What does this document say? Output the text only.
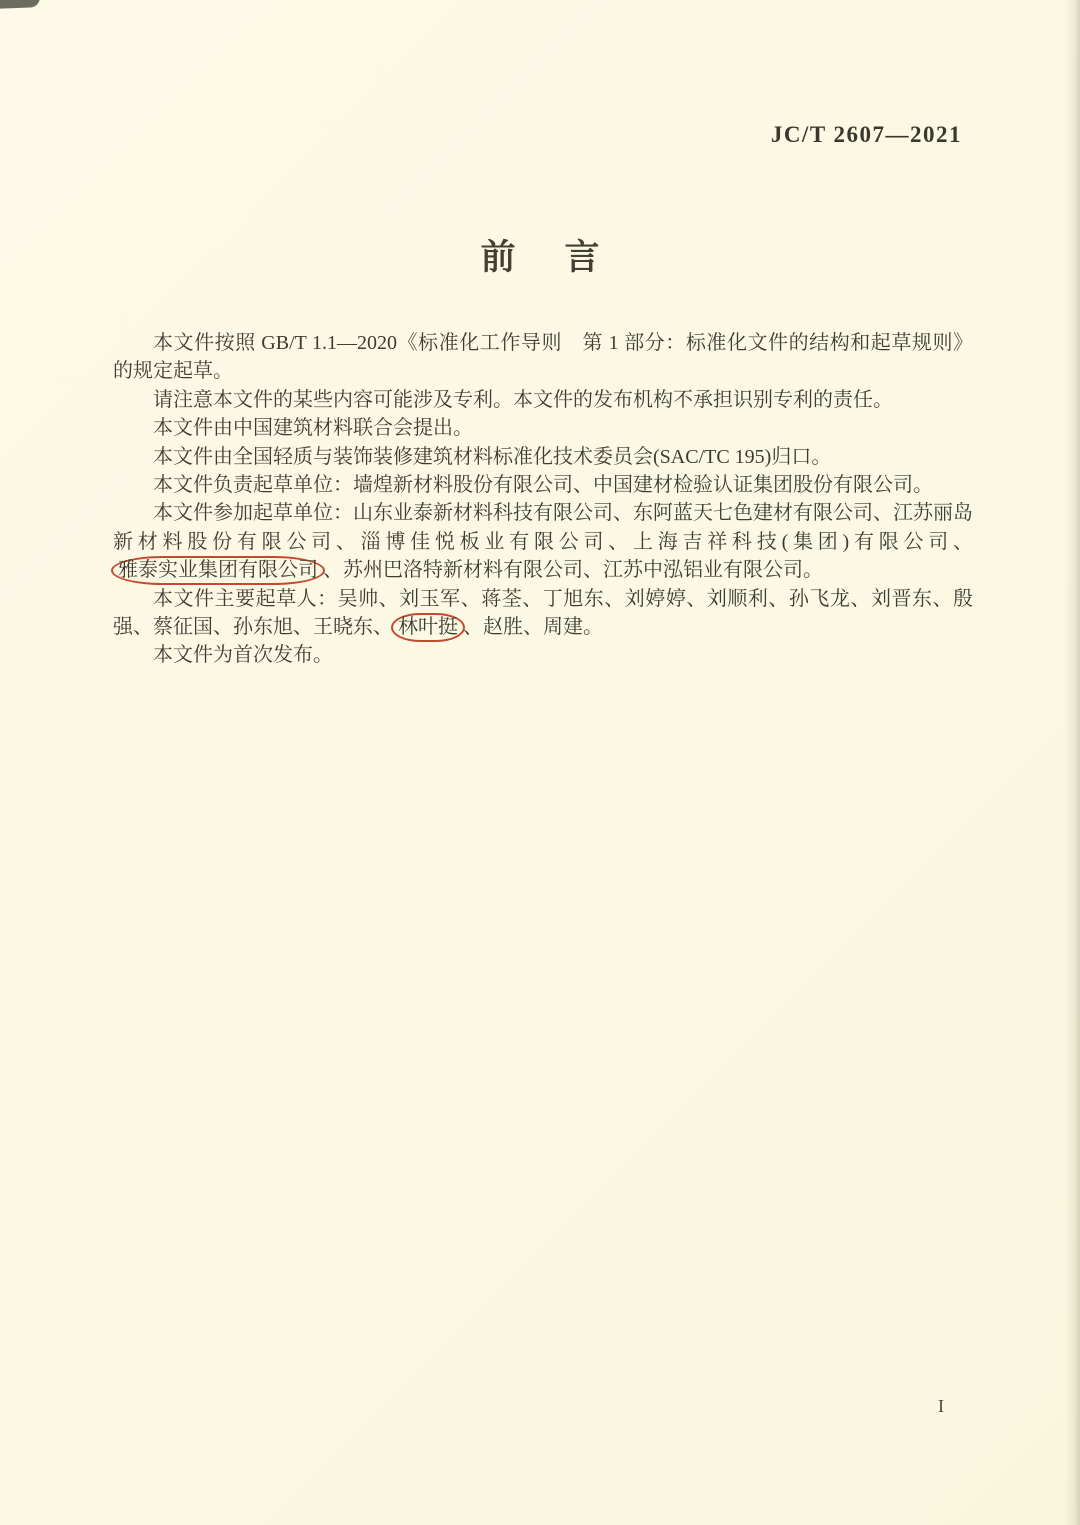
JC/T 2607—2021
前言

本文件按照 GB/T 1.1—2020《标准化工作导则　第 1 部分：标准化文件的结构和起草规则》的规定起草。

请注意本文件的某些内容可能涉及专利。本文件的发布机构不承担识别专利的责任。

本文件由中国建筑材料联合会提出。

本文件由全国轻质与装饰装修建筑材料标准化技术委员会(SAC/TC 195)归口。

本文件负责起草单位：墙煌新材料股份有限公司、中国建材检验认证集团股份有限公司。

本文件参加起草单位：山东业泰新材料科技有限公司、东阿蓝天七色建材有限公司、江苏丽岛新材料股份有限公司、淄博佳悦板业有限公司、上海吉祥科技(集团)有限公司、雅泰实业集团有限公司 、苏州巴洛特新材料有限公司、江苏中泓铝业有限公司。

本文件主要起草人：吴帅、刘玉军、蒋荃、丁旭东、刘婷婷、刘顺利、孙飞龙、刘晋东、殷强、蔡征国、孙东旭、王晓东、 林叶挺 、赵胜、周建。

本文件为首次发布。

I
